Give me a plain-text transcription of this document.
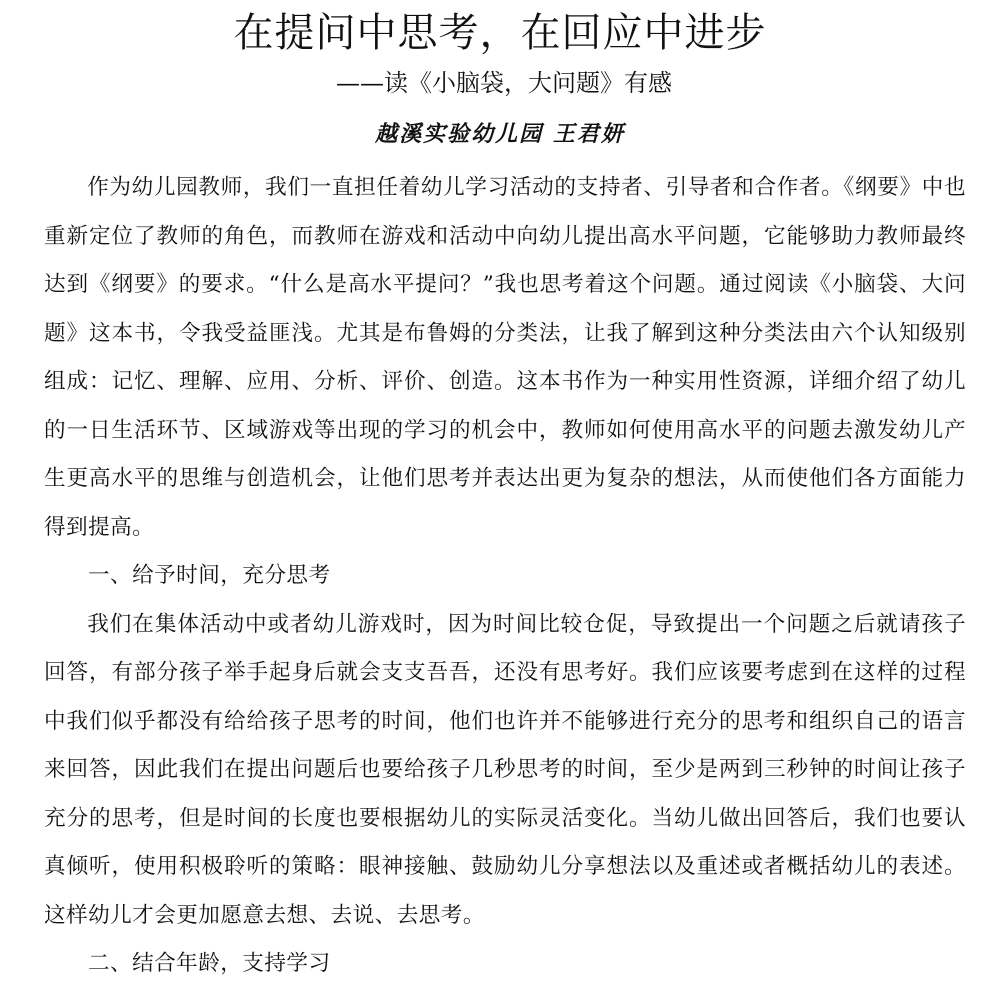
在提问中思考，在回应中进步
——读《小脑袋，大问题》有感
越溪实验幼儿园 王君妍

作为幼儿园教师，我们一直担任着幼儿学习活动的支持者、引导者和合作者。《纲要》中也重新定位了教师的角色，而教师在游戏和活动中向幼儿提出高水平问题，它能够助力教师最终达到《纲要》的要求。“什么是高水平提问？”我也思考着这个问题。通过阅读《小脑袋、大问题》这本书，令我受益匪浅。尤其是布鲁姆的分类法，让我了解到这种分类法由六个认知级别组成：记忆、理解、应用、分析、评价、创造。这本书作为一种实用性资源，详细介绍了幼儿的一日生活环节、区域游戏等出现的学习的机会中，教师如何使用高水平的问题去激发幼儿产生更高水平的思维与创造机会，让他们思考并表达出更为复杂的想法，从而使他们各方面能力得到提高。

一、给予时间，充分思考

我们在集体活动中或者幼儿游戏时，因为时间比较仓促，导致提出一个问题之后就请孩子回答，有部分孩子举手起身后就会支支吾吾，还没有思考好。我们应该要考虑到在这样的过程中我们似乎都没有给给孩子思考的时间，他们也许并不能够进行充分的思考和组织自己的语言来回答，因此我们在提出问题后也要给孩子几秒思考的时间，至少是两到三秒钟的时间让孩子充分的思考，但是时间的长度也要根据幼儿的实际灵活变化。当幼儿做出回答后，我们也要认真倾听，使用积极聆听的策略：眼神接触、鼓励幼儿分享想法以及重述或者概括幼儿的表述。这样幼儿才会更加愿意去想、去说、去思考。

二、结合年龄，支持学习
